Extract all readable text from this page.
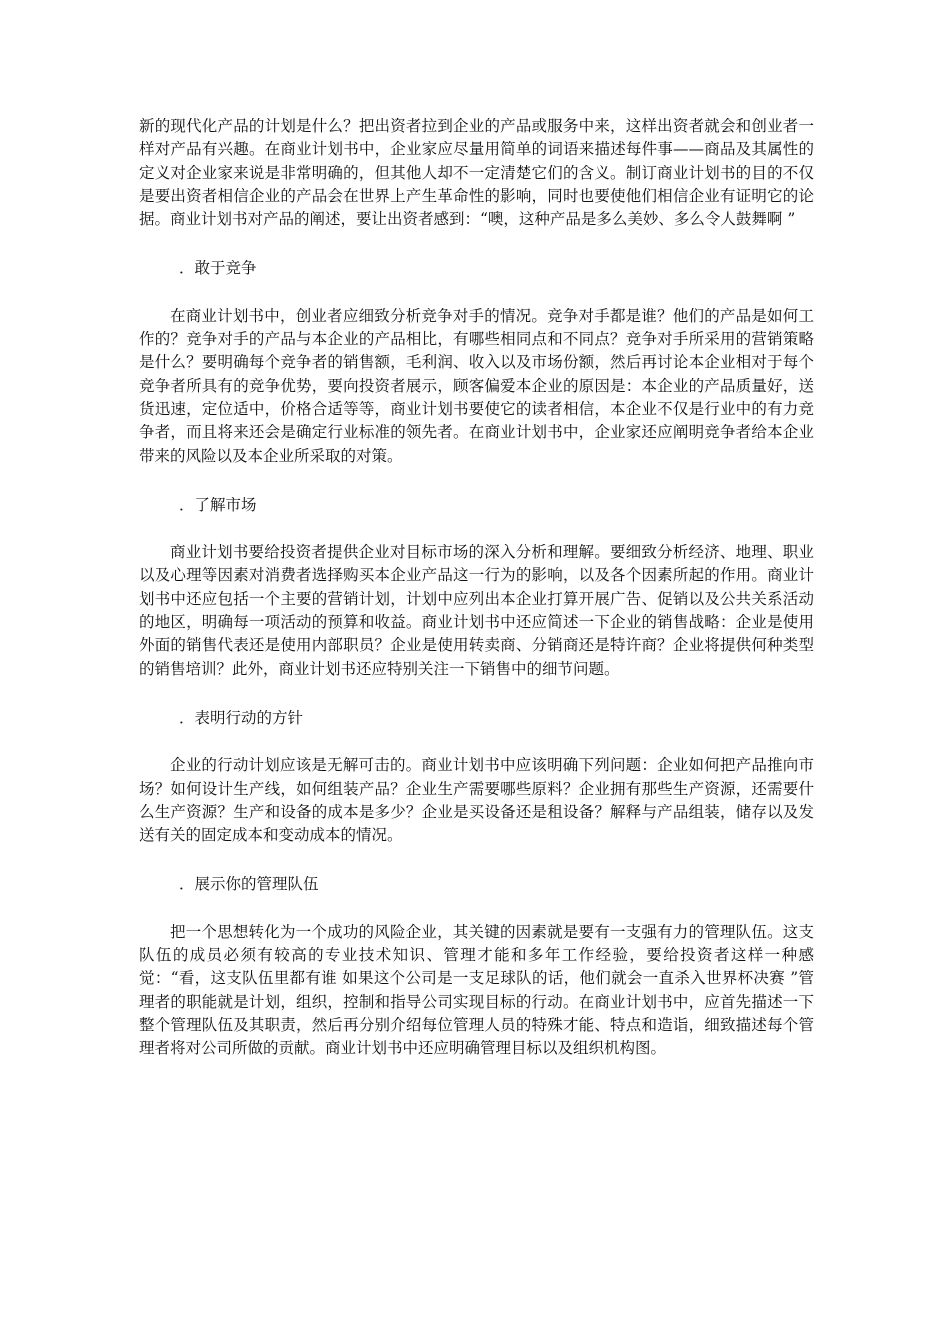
新的现代化产品的计划是什么？把出资者拉到企业的产品或服务中来，这样出资者就会和创业者一样对产品有兴趣。在商业计划书中，企业家应尽量用简单的词语来描述每件事——商品及其属性的定义对企业家来说是非常明确的，但其他人却不一定清楚它们的含义。制订商业计划书的目的不仅是要出资者相信企业的产品会在世界上产生革命性的影响，同时也要使他们相信企业有证明它的论据。商业计划书对产品的阐述，要让出资者感到：“噢，这种产品是多么美妙、多么令人鼓舞啊 ”

．敢于竞争

在商业计划书中，创业者应细致分析竞争对手的情况。竞争对手都是谁？他们的产品是如何工作的？竞争对手的产品与本企业的产品相比，有哪些相同点和不同点？竞争对手所采用的营销策略是什么？要明确每个竞争者的销售额，毛利润、收入以及市场份额，然后再讨论本企业相对于每个竞争者所具有的竞争优势，要向投资者展示，顾客偏爱本企业的原因是：本企业的产品质量好，送货迅速，定位适中，价格合适等等，商业计划书要使它的读者相信，本企业不仅是行业中的有力竞争者，而且将来还会是确定行业标准的领先者。在商业计划书中，企业家还应阐明竞争者给本企业带来的风险以及本企业所采取的对策。

．了解市场

商业计划书要给投资者提供企业对目标市场的深入分析和理解。要细致分析经济、地理、职业以及心理等因素对消费者选择购买本企业产品这一行为的影响，以及各个因素所起的作用。商业计划书中还应包括一个主要的营销计划，计划中应列出本企业打算开展广告、促销以及公共关系活动的地区，明确每一项活动的预算和收益。商业计划书中还应简述一下企业的销售战略：企业是使用外面的销售代表还是使用内部职员？企业是使用转卖商、分销商还是特许商？企业将提供何种类型的销售培训？此外，商业计划书还应特别关注一下销售中的细节问题。

．表明行动的方针

企业的行动计划应该是无解可击的。商业计划书中应该明确下列问题：企业如何把产品推向市场？如何设计生产线，如何组装产品？企业生产需要哪些原料？企业拥有那些生产资源，还需要什么生产资源？生产和设备的成本是多少？企业是买设备还是租设备？解释与产品组装，储存以及发送有关的固定成本和变动成本的情况。

．展示你的管理队伍

把一个思想转化为一个成功的风险企业，其关键的因素就是要有一支强有力的管理队伍。这支队伍的成员必须有较高的专业技术知识、管理才能和多年工作经验，要给投资者这样一种感觉：“看，这支队伍里都有谁 如果这个公司是一支足球队的话，他们就会一直杀入世界杯决赛 ”管理者的职能就是计划，组织，控制和指导公司实现目标的行动。在商业计划书中，应首先描述一下整个管理队伍及其职责，然后再分别介绍每位管理人员的特殊才能、特点和造诣，细致描述每个管理者将对公司所做的贡献。商业计划书中还应明确管理目标以及组织机构图。
